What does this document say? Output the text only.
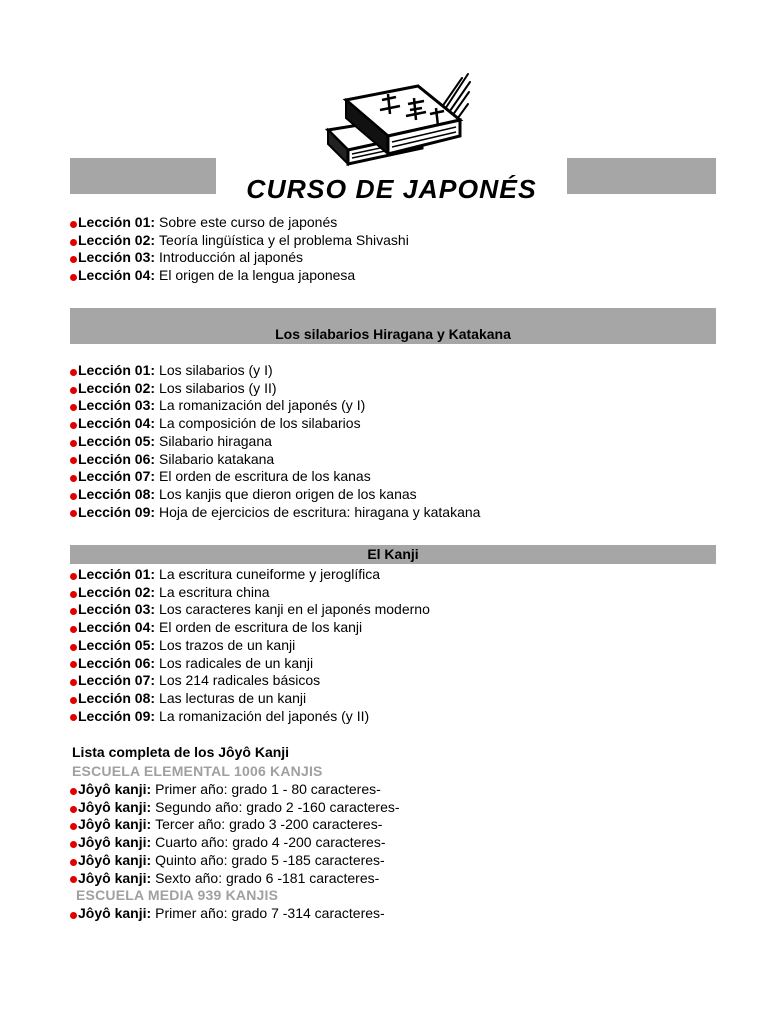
CURSO DE JAPONÉS
Lección 01: Sobre este curso de japonés
Lección 02: Teoría lingüística y el problema Shivashi
Lección 03: Introducción al japonés
Lección 04: El origen de la lengua japonesa
Los silabarios Hiragana y Katakana
Lección 01: Los silabarios (y I)
Lección 02: Los silabarios (y II)
Lección 03: La romanización del japonés (y I)
Lección 04: La composición de los silabarios
Lección 05: Silabario hiragana
Lección 06: Silabario katakana
Lección 07: El orden de escritura de los kanas
Lección 08: Los kanjis que dieron origen de los kanas
Lección 09: Hoja de ejercicios de escritura: hiragana y katakana
El Kanji
Lección 01: La escritura cuneiforme y jeroglífica
Lección 02: La escritura china
Lección 03: Los caracteres kanji en el japonés moderno
Lección 04: El orden de escritura de los kanji
Lección 05: Los trazos de un kanji
Lección 06: Los radicales de un kanji
Lección 07: Los 214 radicales básicos
Lección 08: Las lecturas de un kanji
Lección 09: La romanización del japonés (y II)
Lista completa de los Jôyô Kanji
ESCUELA ELEMENTAL 1006 KANJIS
Jôyô kanji: Primer año: grado 1 - 80 caracteres-
Jôyô kanji: Segundo año: grado 2 -160 caracteres-
Jôyô kanji: Tercer año: grado 3 -200 caracteres-
Jôyô kanji: Cuarto año: grado 4 -200 caracteres-
Jôyô kanji: Quinto año: grado 5 -185 caracteres-
Jôyô kanji: Sexto año: grado 6 -181 caracteres-
ESCUELA MEDIA 939 KANJIS
Jôyô kanji: Primer año: grado 7 -314 caracteres-
